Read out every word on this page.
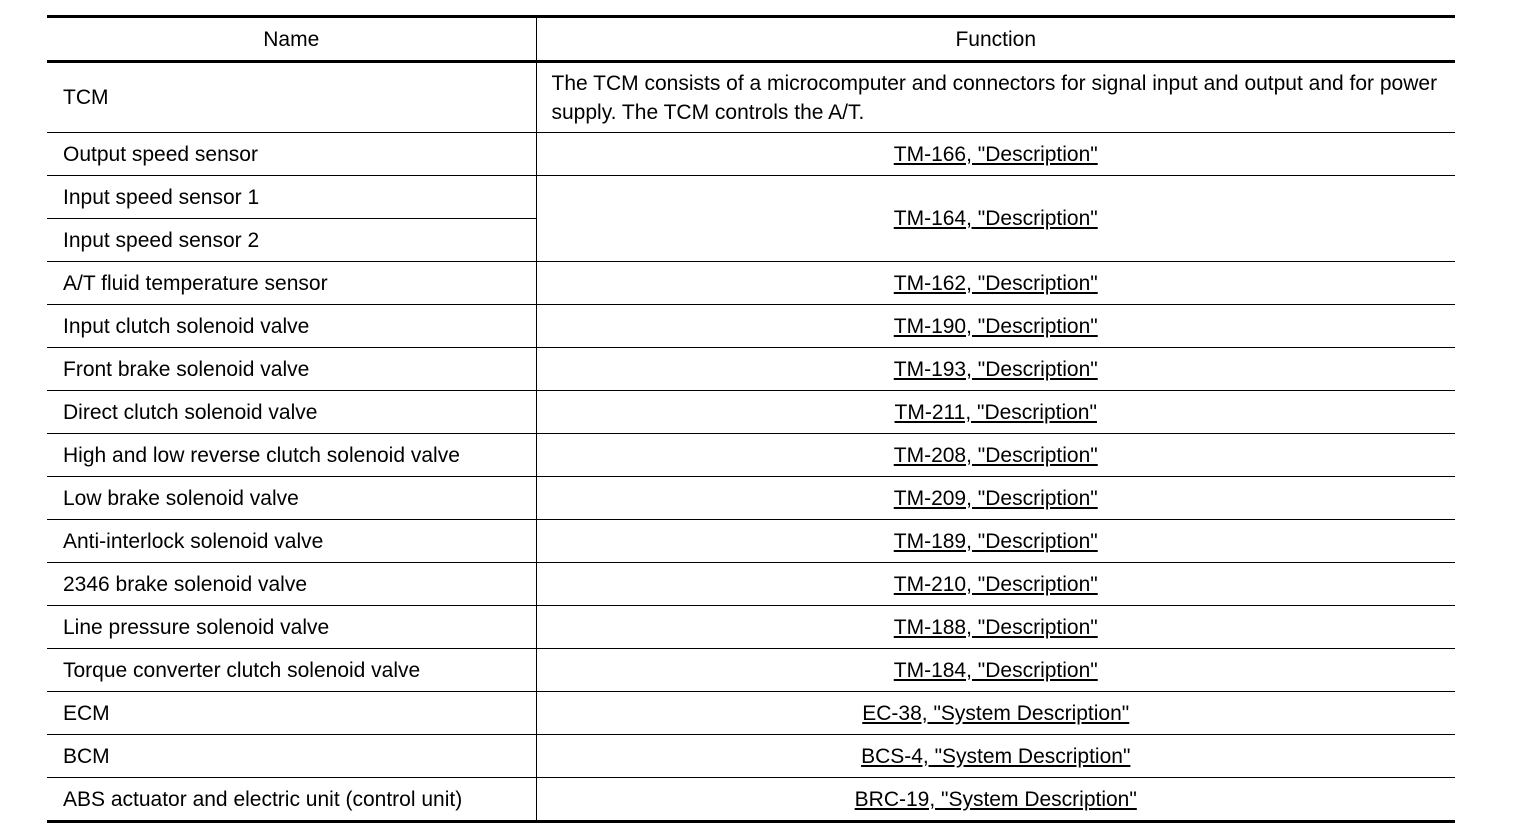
Name	Function
TCM	The TCM consists of a microcomputer and connectors for signal input and output and for power supply. The TCM controls the A/T.
Output speed sensor	TM-166, "Description"
Input speed sensor 1	TM-164, "Description"
Input speed sensor 2	
A/T fluid temperature sensor	TM-162, "Description"
Input clutch solenoid valve	TM-190, "Description"
Front brake solenoid valve	TM-193, "Description"
Direct clutch solenoid valve	TM-211, "Description"
High and low reverse clutch solenoid valve	TM-208, "Description"
Low brake solenoid valve	TM-209, "Description"
Anti-interlock solenoid valve	TM-189, "Description"
2346 brake solenoid valve	TM-210, "Description"
Line pressure solenoid valve	TM-188, "Description"
Torque converter clutch solenoid valve	TM-184, "Description"
ECM	EC-38, "System Description"
BCM	BCS-4, "System Description"
ABS actuator and electric unit (control unit)	BRC-19, "System Description"
